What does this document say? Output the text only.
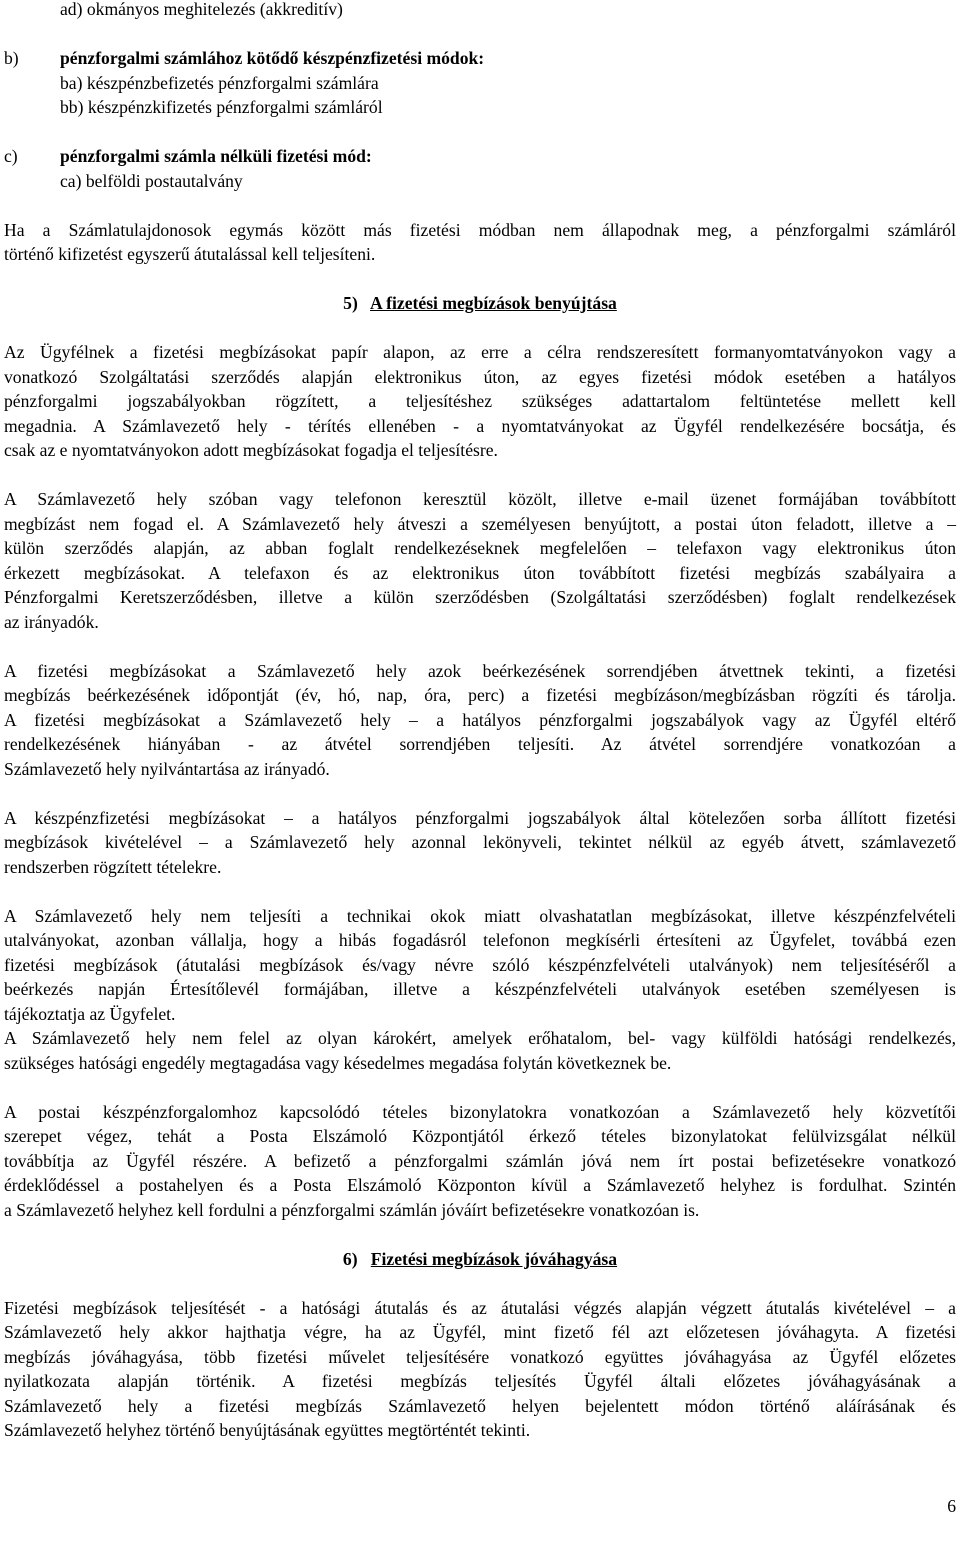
ad) okmányos meghitelezés (akkreditív)
b) pénzforgalmi számlához kötődő készpénzfizetési módok:
ba) készpénzbefizetés pénzforgalmi számlára
bb) készpénzkifizetés pénzforgalmi számláról
c) pénzforgalmi számla nélküli fizetési mód:
ca) belföldi postautalvány

Ha a Számlatulajdonosok egymás között más fizetési módban nem állapodnak meg, a pénzforgalmi számláról
történő kifizetést egyszerű átutalással kell teljesíteni.

5) A fizetési megbízások benyújtása

Az Ügyfélnek a fizetési megbízásokat papír alapon, az erre a célra rendszeresített formanyomtatványokon vagy a
vonatkozó Szolgáltatási szerződés alapján elektronikus úton, az egyes fizetési módok esetében a hatályos
pénzforgalmi jogszabályokban rögzített, a teljesítéshez szükséges adattartalom feltüntetése mellett kell
megadnia. A Számlavezető hely - térítés ellenében - a nyomtatványokat az Ügyfél rendelkezésére bocsátja, és
csak az e nyomtatványokon adott megbízásokat fogadja el teljesítésre.

A Számlavezető hely szóban vagy telefonon keresztül közölt, illetve e-mail üzenet formájában továbbított
megbízást nem fogad el. A Számlavezető hely átveszi a személyesen benyújtott, a postai úton feladott, illetve a –
külön szerződés alapján, az abban foglalt rendelkezéseknek megfelelően – telefaxon vagy elektronikus úton
érkezett megbízásokat. A telefaxon és az elektronikus úton továbbított fizetési megbízás szabályaira a
Pénzforgalmi Keretszerződésben, illetve a külön szerződésben (Szolgáltatási szerződésben) foglalt rendelkezések
az irányadók.

A fizetési megbízásokat a Számlavezető hely azok beérkezésének sorrendjében átvettnek tekinti, a fizetési
megbízás beérkezésének időpontját (év, hó, nap, óra, perc) a fizetési megbízáson/megbízásban rögzíti és tárolja.
A fizetési megbízásokat a Számlavezető hely – a hatályos pénzforgalmi jogszabályok vagy az Ügyfél eltérő
rendelkezésének hiányában - az átvétel sorrendjében teljesíti. Az átvétel sorrendjére vonatkozóan a
Számlavezető hely nyilvántartása az irányadó.

A készpénzfizetési megbízásokat – a hatályos pénzforgalmi jogszabályok által kötelezően sorba állított fizetési
megbízások kivételével – a Számlavezető hely azonnal lekönyveli, tekintet nélkül az egyéb átvett, számlavezető
rendszerben rögzített tételekre.

A Számlavezető hely nem teljesíti a technikai okok miatt olvashatatlan megbízásokat, illetve készpénzfelvételi
utalványokat, azonban vállalja, hogy a hibás fogadásról telefonon megkísérli értesíteni az Ügyfelet, továbbá ezen
fizetési megbízások (átutalási megbízások és/vagy névre szóló készpénzfelvételi utalványok) nem teljesítéséről a
beérkezés napján Értesítőlevél formájában, illetve a készpénzfelvételi utalványok esetében személyesen is
tájékoztatja az Ügyfelet.

A Számlavezető hely nem felel az olyan károkért, amelyek erőhatalom, bel- vagy külföldi hatósági rendelkezés,
szükséges hatósági engedély megtagadása vagy késedelmes megadása folytán következnek be.

A postai készpénzforgalomhoz kapcsolódó tételes bizonylatokra vonatkozóan a Számlavezető hely közvetítői
szerepet végez, tehát a Posta Elszámoló Központjától érkező tételes bizonylatokat felülvizsgálat nélkül
továbbítja az Ügyfél részére. A befizető a pénzforgalmi számlán jóvá nem írt postai befizetésekre vonatkozó
érdeklődéssel a postahelyen és a Posta Elszámoló Központon kívül a Számlavezető helyhez is fordulhat. Szintén
a Számlavezető helyhez kell fordulni a pénzforgalmi számlán jóváírt befizetésekre vonatkozóan is.

6) Fizetési megbízások jóváhagyása

Fizetési megbízások teljesítését - a hatósági átutalás és az átutalási végzés alapján végzett átutalás kivételével – a
Számlavezető hely akkor hajthatja végre, ha az Ügyfél, mint fizető fél azt előzetesen jóváhagyta. A fizetési
megbízás jóváhagyása, több fizetési művelet teljesítésére vonatkozó együttes jóváhagyása az Ügyfél előzetes
nyilatkozata alapján történik. A fizetési megbízás teljesítés Ügyfél általi előzetes jóváhagyásának a
Számlavezető hely a fizetési megbízás Számlavezető helyen bejelentett módon történő aláírásának és
Számlavezető helyhez történő benyújtásának együttes megtörténtét tekinti.

6
